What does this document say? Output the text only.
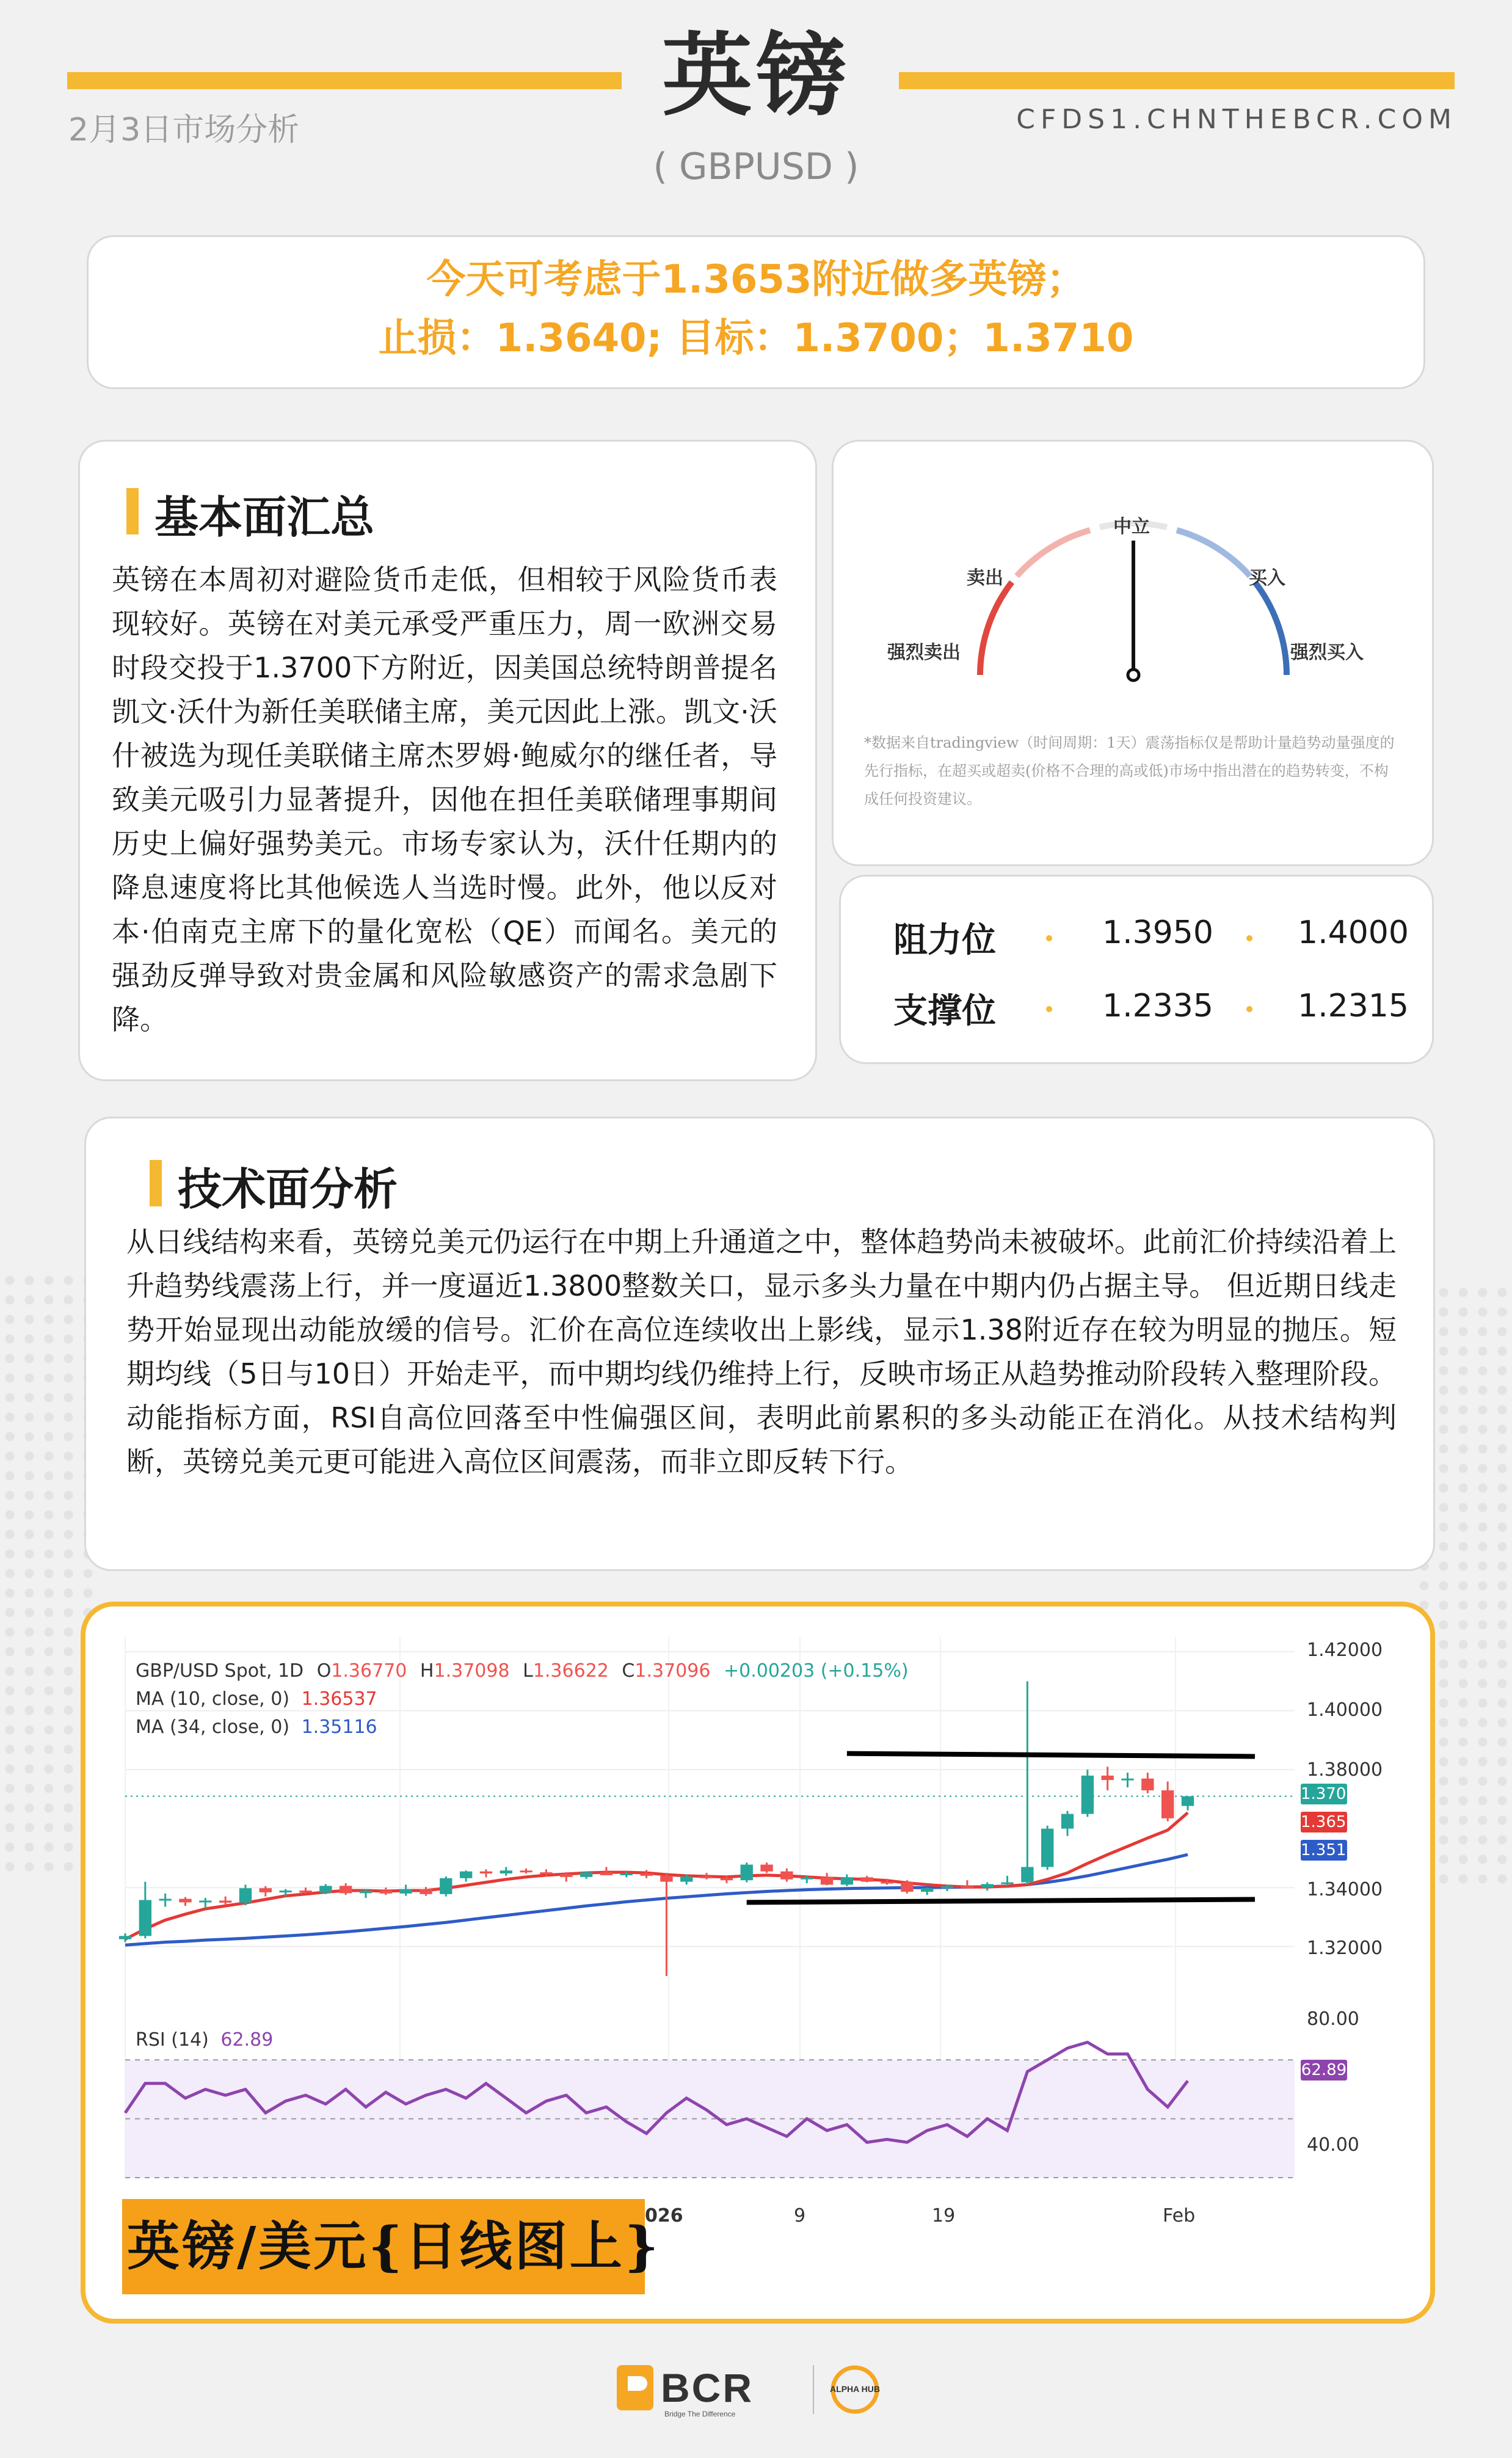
英镑
( GBPUSD )
2月3日市场分析	CFDS1.CHNTHEBCR.COM
今天可考虑于1.3653附近做多英镑；
止损：1.3640; 目标：1.3700；1.3710
基本面汇总
英镑在本周初对避险货币走低，但相较于风险货币表现较好。英镑在对美元承受严重压力，周一欧洲交易时段交投于1.3700下方附近，因美国总统特朗普提名凯文·沃什为新任美联储主席，美元因此上涨。凯文·沃什被选为现任美联储主席杰罗姆·鲍威尔的继任者，导致美元吸引力显著提升，因他在担任美联储理事期间历史上偏好强势美元。市场专家认为，沃什任期内的降息速度将比其他候选人当选时慢。此外，他以反对本·伯南克主席下的量化宽松（QE）而闻名。美元的强劲反弹导致对贵金属和风险敏感资产的需求急剧下降。
中立
卖出	买入
强烈卖出	强烈买入
*数据来自tradingview（时间周期：1天）震荡指标仅是帮助计量趋势动量强度的先行指标，在超买或超卖(价格不合理的高或低)市场中指出潜在的趋势转变，不构成任何投资建议。
阻力位	1.3950	1.4000
支撑位	1.2335	1.2315
技术面分析
从日线结构来看，英镑兑美元仍运行在中期上升通道之中，整体趋势尚未被破坏。此前汇价持续沿着上升趋势线震荡上行，并一度逼近1.3800整数关口，显示多头力量在中期内仍占据主导。 但近期日线走势开始显现出动能放缓的信号。汇价在高位连续收出上影线，显示1.38附近存在较为明显的抛压。短期均线（5日与10日）开始走平，而中期均线仍维持上行，反映市场正从趋势推动阶段转入整理阶段。动能指标方面，RSI自高位回落至中性偏强区间，表明此前累积的多头动能正在消化。从技术结构判断，英镑兑美元更可能进入高位区间震荡，而非立即反转下行。
GBP/USD Spot, 1D O1.36770 H1.37098 L1.36622 C1.37096 +0.00203 (+0.15%)
MA (10, close, 0) 1.36537
MA (34, close, 0) 1.35116
RSI (14) 62.89
1.42000
1.40000
1.38000
1.34000
1.32000
80.00
40.00
1.37096
1.36537
1.35116
62.89
026	9	19	Feb
英镑/美元{日线图上}
BCR
Bridge The Difference
ALPHA HUB
